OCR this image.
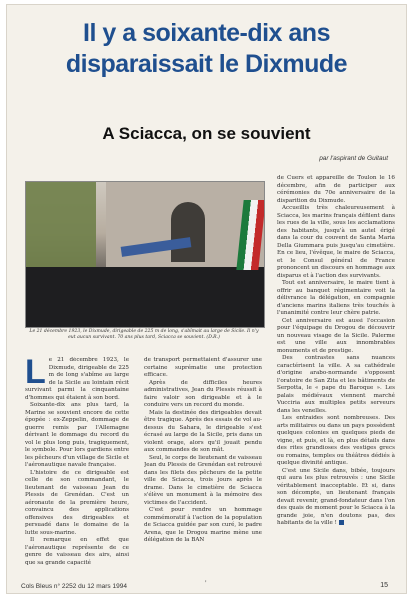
Il y a soixante-dix ans
disparaissait le Dixmude
A Sciacca, on se souvient
par l'aspirant de Guitaut
Le 21 décembre 1923, le Dixmude, dirigeable de 225 m de long, s'abîmait au large de Sicile. Il n'y eut aucun survivant. 70 ans plus tard, Sciacca se souvient. (D.R.)
L e 21 décembre 1923, le Dixmude, dirigeable de 225 m de long s'abîme au large de la Sicile au lointain récit survivant parmi la cinquantaine d'hommes qui étaient à son bord.

Soixante-dix ans plus tard, la Marine se souvient encore de cette épopée : ex-Zeppelin, dommage de guerre remis par l'Allemagne dérivant le dommage du record du vol le plus long puis, tragiquement, le symbole. Pour lors gardiens entre les pêcheurs d'un village de Sicile et l'aéronautique navale française.

L'histoire de ce dirigeable est celle de son commandant, le lieutenant de vaisseau Jean du Plessis de Grenédan. C'est un aéronaute de la première heure, convaincu des applications offensives des dirigeables et persuadé dans le domaine de la lutte sous-marine.

Il remarque en effet que l'aéronautique représente de ce genre de vaisseau des airs, ainsi que sa grande capacité

de transport permettaient d'assurer une certaine suprématie une protection efficace.

Après de difficiles heures administratives, Jean du Plessis réussit à faire valoir son dirigeable et à le conduire vers un record du monde.

Mais la destinée des dirigeables devait être tragique. Après des essais de vol au-dessus du Sahara, le dirigeable s'est écrasé au large de la Sicile, pris dans un violent orage, alors qu'il jouait pendu aux commandes de son mât.

Seul, le corps de lieutenant de vaisseau Jean du Plessis de Grenédan est retrouvé dans les filets des pêcheurs de la petite ville de Sciacca, trois jours après le drame. Dans le cimetière de Sciacca s'élève un monument à la mémoire des victimes de l'accident.

C'est pour rendre un hommage commémoratif à l'action de la population de Sciacca guidée par son curé, le padre Arena, que le Drogou marine mène une délégation de la BAN

de Cuers et appareille de Toulon le 16 décembre, afin de participer aux cérémonies du 70e anniversaire de la disparition du Dixmude.

Accueillis très chaleureusement à Sciacca, les marins français défilent dans les rues de la ville, sous les acclamations des habitants, jusqu'à un autel érigé dans la cour du couvent de Santa Maria Della Giummara puis jusqu'au cimetière. En ce lieu, l'évêque, le maire de Sciacca, et le Consul général de France prononcent un discours en hommage aux disparus et à l'action des survivants.

Tout est anniversaire, le maire tient à offrir au banquet régimentaire voit la délivrance la délégation, en compagnie d'anciens marins italiens très touchés à l'unanimité contre leur chère patrie.

Cet anniversaire est aussi l'occasion pour l'équipage du Drogou de découvrir un nouveau visage de la Sicile. Palerme est une ville aux innombrables monuments et de prestige.

Des contrastes sans nuances caractérisent la ville. A sa cathédrale d'origine arabo-normande s'opposent l'oratoire de San Zita et les bâtiments de Serpotta, le « pape du Baroque ». Les palais médiévaux viennent marché Vucciria aux multiples petits serveurs dans les venelles.

Les entraides sont nombreuses. Des arts militaires ou dans un pays possèdent quelques colonies en quelques pieds de vigne, et puis, et là, en plus détails dans des rites grandioses des vestiges grecs ou romains, temples ou théâtres dédiés à quelque divinité antique.

C'est une Sicile dans, bibée, toujours qui aura les plus retrouvés : une Sicile véritablement inacceptable. Et si, dans son décompte, un lieutenant français devait revenir, grand-fondateur dans l'on des quais de moment pour le Sciacca à la grande joie, n'en doutons pas, des habitants de la ville !

Cols Bleus n° 2252 du 12 mars 1994	ʼ	15
